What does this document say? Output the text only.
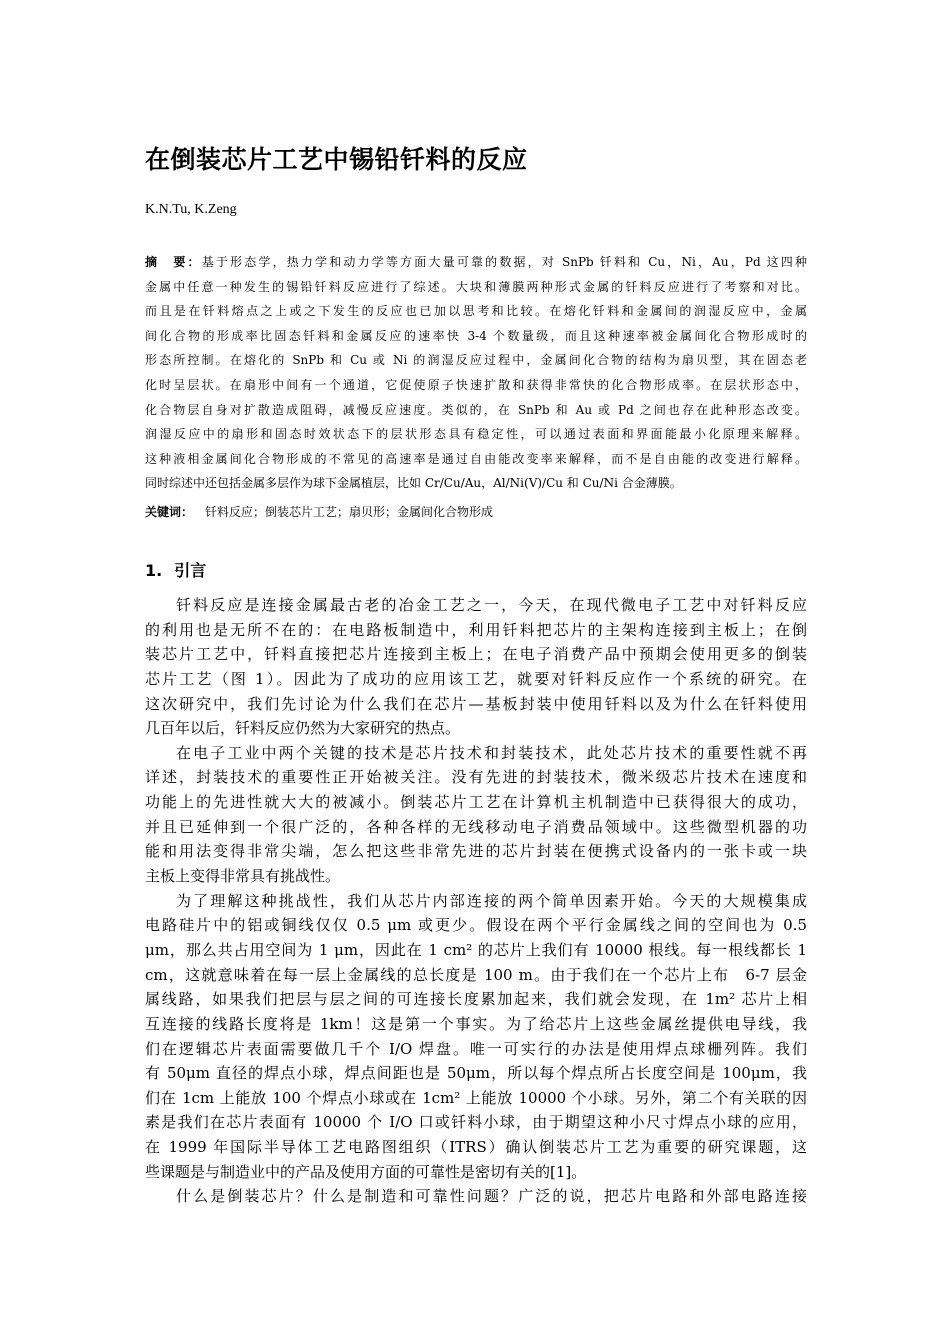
在倒装芯片工艺中锡铅钎料的反应
K.N.Tu, K.Zeng
摘　要：基于形态学，热力学和动力学等方面大量可靠的数据，对 SnPb 钎料和 Cu，Ni，Au，Pd 这四种
金属中任意一种发生的锡铅钎料反应进行了综述。大块和薄膜两种形式金属的钎料反应进行了考察和对比。
而且是在钎料熔点之上或之下发生的反应也已加以思考和比较。在熔化钎料和金属间的润湿反应中，金属
间化合物的形成率比固态钎料和金属反应的速率快 3-4 个数量级，而且这种速率被金属间化合物形成时的
形态所控制。在熔化的 SnPb 和 Cu 或 Ni 的润湿反应过程中，金属间化合物的结构为扇贝型，其在固态老
化时呈层状。在扇形中间有一个通道，它促使原子快速扩散和获得非常快的化合物形成率。在层状形态中，
化合物层自身对扩散造成阻碍，减慢反应速度。类似的，在 SnPb 和 Au 或 Pd 之间也存在此种形态改变。
润湿反应中的扇形和固态时效状态下的层状形态具有稳定性，可以通过表面和界面能最小化原理来解释。
这种液相金属间化合物形成的不常见的高速率是通过自由能改变率来解释，而不是自由能的改变进行解释。
同时综述中还包括金属多层作为球下金属植层，比如 Cr/Cu/Au，Al/Ni(V)/Cu 和 Cu/Ni 合金薄膜。
关键词： 钎料反应；倒装芯片工艺；扇贝形；金属间化合物形成
1. 引言
钎料反应是连接金属最古老的冶金工艺之一，今天，在现代微电子工艺中对钎料反应
的利用也是无所不在的：在电路板制造中，利用钎料把芯片的主架构连接到主板上；在倒
装芯片工艺中，钎料直接把芯片连接到主板上；在电子消费产品中预期会使用更多的倒装
芯片工艺（图 1）。因此为了成功的应用该工艺，就要对钎料反应作一个系统的研究。在
这次研究中，我们先讨论为什么我们在芯片—基板封装中使用钎料以及为什么在钎料使用
几百年以后，钎料反应仍然为大家研究的热点。
在电子工业中两个关键的技术是芯片技术和封装技术，此处芯片技术的重要性就不再
详述，封装技术的重要性正开始被关注。没有先进的封装技术，微米级芯片技术在速度和
功能上的先进性就大大的被减小。倒装芯片工艺在计算机主机制造中已获得很大的成功，
并且已延伸到一个很广泛的，各种各样的无线移动电子消费品领域中。这些微型机器的功
能和用法变得非常尖端，怎么把这些非常先进的芯片封装在便携式设备内的一张卡或一块
主板上变得非常具有挑战性。
为了理解这种挑战性，我们从芯片内部连接的两个简单因素开始。今天的大规模集成
电路硅片中的铝或铜线仅仅 0.5 μm 或更少。假设在两个平行金属线之间的空间也为 0.5
μm，那么共占用空间为 1 μm，因此在 1 cm² 的芯片上我们有 10000 根线。每一根线都长 1
cm，这就意味着在每一层上金属线的总长度是 100 m。由于我们在一个芯片上布　6-7 层金
属线路，如果我们把层与层之间的可连接长度累加起来，我们就会发现，在 1m² 芯片上相
互连接的线路长度将是 1km！这是第一个事实。为了给芯片上这些金属丝提供电导线，我
们在逻辑芯片表面需要做几千个 I/O 焊盘。唯一可实行的办法是使用焊点球栅列阵。我们
有 50μm 直径的焊点小球，焊点间距也是 50μm，所以每个焊点所占长度空间是 100μm，我
们在 1cm 上能放 100 个焊点小球或在 1cm² 上能放 10000 个小球。另外，第二个有关联的因
素是我们在芯片表面有 10000 个 I/O 口或钎料小球，由于期望这种小尺寸焊点小球的应用，
在 1999 年国际半导体工艺电路图组织（ITRS）确认倒装芯片工艺为重要的研究课题，这
些课题是与制造业中的产品及使用方面的可靠性是密切有关的[1]。
什么是倒装芯片？什么是制造和可靠性问题？广泛的说，把芯片电路和外部电路连接
